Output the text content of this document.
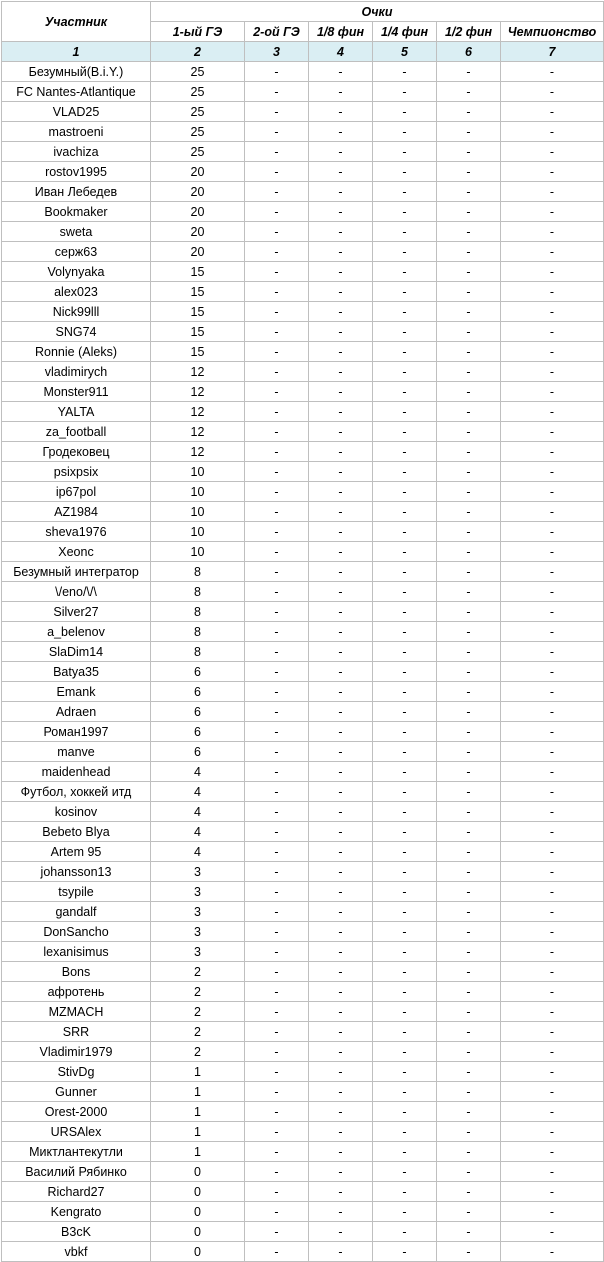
Участник	Очки					
	1-ый ГЭ	2-ой ГЭ	1/8 фин	1/4 фин	1/2 фин	Чемпионство
1	2	3	4	5	6	7
Безумный(B.i.Y.)	25	-	-	-	-	-
FC Nantes-Atlantique	25	-	-	-	-	-
VLAD25	25	-	-	-	-	-
mastroeni	25	-	-	-	-	-
ivachiza	25	-	-	-	-	-
rostov1995	20	-	-	-	-	-
Иван Лебедев	20	-	-	-	-	-
Bookmaker	20	-	-	-	-	-
sweta	20	-	-	-	-	-
серж63	20	-	-	-	-	-
Volynyaka	15	-	-	-	-	-
alex023	15	-	-	-	-	-
Nick99lll	15	-	-	-	-	-
SNG74	15	-	-	-	-	-
Ronnie (Aleks)	15	-	-	-	-	-
vladimirych	12	-	-	-	-	-
Monster911	12	-	-	-	-	-
YALTA	12	-	-	-	-	-
za_football	12	-	-	-	-	-
Гродековец	12	-	-	-	-	-
psixpsix	10	-	-	-	-	-
ip67pol	10	-	-	-	-	-
AZ1984	10	-	-	-	-	-
sheva1976	10	-	-	-	-	-
Xeonc	10	-	-	-	-	-
Безумный интегратор	8	-	-	-	-	-
\/eno/\/\	8	-	-	-	-	-
Silver27	8	-	-	-	-	-
a_belenov	8	-	-	-	-	-
SlaDim14	8	-	-	-	-	-
Batya35	6	-	-	-	-	-
Emank	6	-	-	-	-	-
Adraen	6	-	-	-	-	-
Роман1997	6	-	-	-	-	-
manve	6	-	-	-	-	-
maidenhead	4	-	-	-	-	-
Футбол, хоккей итд	4	-	-	-	-	-
kosinov	4	-	-	-	-	-
Bebeto Blya	4	-	-	-	-	-
Artem 95	4	-	-	-	-	-
johansson13	3	-	-	-	-	-
tsypile	3	-	-	-	-	-
gandalf	3	-	-	-	-	-
DonSancho	3	-	-	-	-	-
lexanisimus	3	-	-	-	-	-
Bons	2	-	-	-	-	-
афротень	2	-	-	-	-	-
MZMACH	2	-	-	-	-	-
SRR	2	-	-	-	-	-
Vladimir1979	2	-	-	-	-	-
StivDg	1	-	-	-	-	-
Gunner	1	-	-	-	-	-
Orest-2000	1	-	-	-	-	-
URSAlex	1	-	-	-	-	-
Миктлантекутли	1	-	-	-	-	-
Василий Рябинко	0	-	-	-	-	-
Richard27	0	-	-	-	-	-
Kengrato	0	-	-	-	-	-
B3cK	0	-	-	-	-	-
vbkf	0	-	-	-	-	-
